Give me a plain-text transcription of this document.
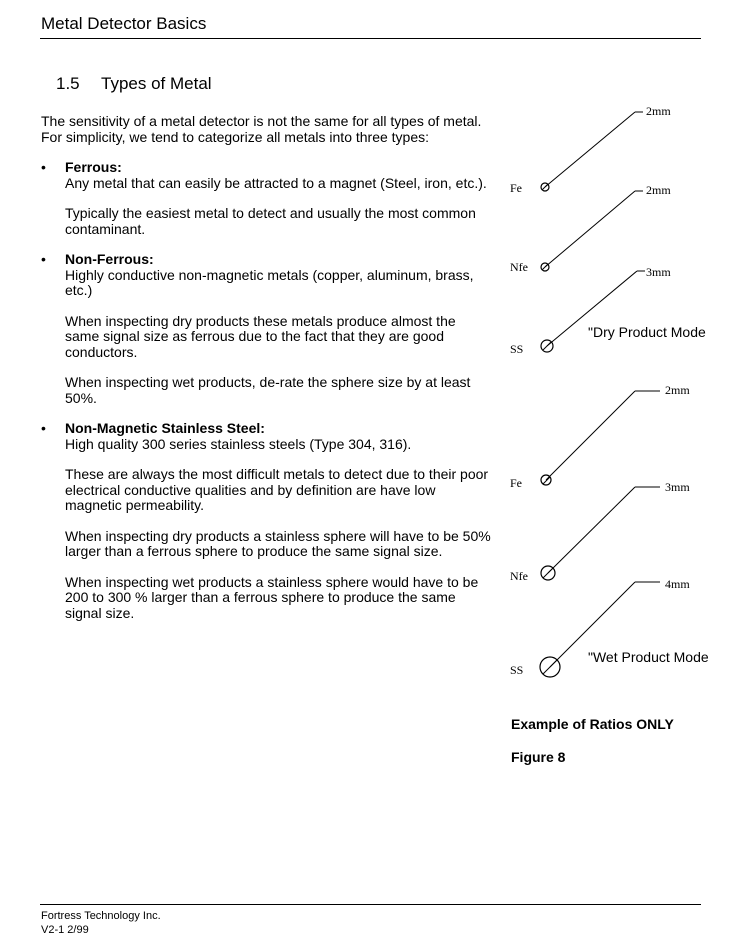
Metal Detector Basics
1.5 Types of Metal

The sensitivity of a metal detector is not the same for all types of metal. For simplicity, we tend to categorize all metals into three types:

• Ferrous:

Any metal that can easily be attracted to a magnet (Steel, iron, etc.).

Typically the easiest metal to detect and usually the most common contaminant.

• Non-Ferrous:

Highly conductive non-magnetic metals (copper, aluminum, brass, etc.)

When inspecting dry products these metals produce almost the same signal size as ferrous due to the fact that they are good conductors.

When inspecting wet products, de-rate the sphere size by at least 50%.

• Non-Magnetic Stainless Steel:

High quality 300 series stainless steels (Type 304, 316).

These are always the most difficult metals to detect due to their poor electrical conductive qualities and by definition are have low magnetic permeability.

When inspecting dry products a stainless sphere will have to be 50% larger than a ferrous sphere to produce the same signal size.

When inspecting wet products a stainless sphere would have to be 200 to 300 % larger than a ferrous sphere to produce the same signal size.

Fe
2mm
Nfe
2mm
SS
3mm
"Dry Product Mode
Fe
2mm
Nfe
3mm
SS
4mm
"Wet Product Mode
Example of Ratios ONLY
Figure 8
Fortress Technology Inc.
V2-1 2/99
